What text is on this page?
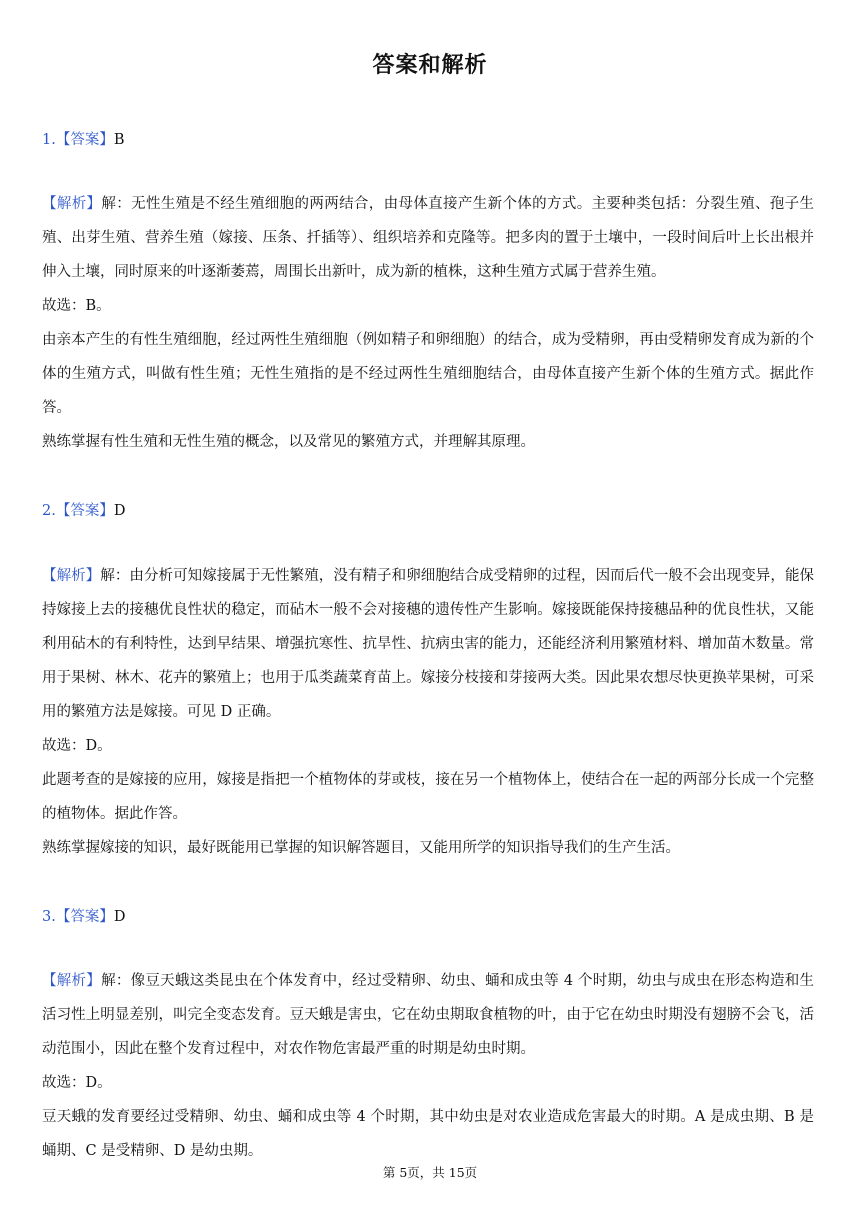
答案和解析
1.【答案】B

【解析】解：无性生殖是不经生殖细胞的两两结合，由母体直接产生新个体的方式。主要种类包括：分裂生殖、孢子生殖、出芽生殖、营养生殖（嫁接、压条、扦插等）、组织培养和克隆等。把多肉的置于土壤中，一段时间后叶上长出根并伸入土壤，同时原来的叶逐渐萎蔫，周围长出新叶，成为新的植株，这种生殖方式属于营养生殖。

故选：B。

由亲本产生的有性生殖细胞，经过两性生殖细胞（例如精子和卵细胞）的结合，成为受精卵，再由受精卵发育成为新的个体的生殖方式，叫做有性生殖；无性生殖指的是不经过两性生殖细胞结合，由母体直接产生新个体的生殖方式。据此作答。

熟练掌握有性生殖和无性生殖的概念，以及常见的繁殖方式，并理解其原理。

2.【答案】D

【解析】解：由分析可知嫁接属于无性繁殖，没有精子和卵细胞结合成受精卵的过程，因而后代一般不会出现变异，能保持嫁接上去的接穗优良性状的稳定，而砧木一般不会对接穗的遗传性产生影响。嫁接既能保持接穗品种的优良性状，又能利用砧木的有利特性，达到早结果、增强抗寒性、抗旱性、抗病虫害的能力，还能经济利用繁殖材料、增加苗木数量。常用于果树、林木、花卉的繁殖上；也用于瓜类蔬菜育苗上。嫁接分枝接和芽接两大类。因此果农想尽快更换苹果树，可采用的繁殖方法是嫁接。可见 D 正确。

故选：D。

此题考查的是嫁接的应用，嫁接是指把一个植物体的芽或枝，接在另一个植物体上，使结合在一起的两部分长成一个完整的植物体。据此作答。

熟练掌握嫁接的知识，最好既能用已掌握的知识解答题目，又能用所学的知识指导我们的生产生活。

3.【答案】D

【解析】解：像豆天蛾这类昆虫在个体发育中，经过受精卵、幼虫、蛹和成虫等 4 个时期，幼虫与成虫在形态构造和生活习性上明显差别，叫完全变态发育。豆天蛾是害虫，它在幼虫期取食植物的叶，由于它在幼虫时期没有翅膀不会飞，活动范围小，因此在整个发育过程中，对农作物危害最严重的时期是幼虫时期。

故选：D。

豆天蛾的发育要经过受精卵、幼虫、蛹和成虫等 4 个时期，其中幼虫是对农业造成危害最大的时期。A 是成虫期、B 是蛹期、C 是受精卵、D 是幼虫期。

第 5页，共 15页
